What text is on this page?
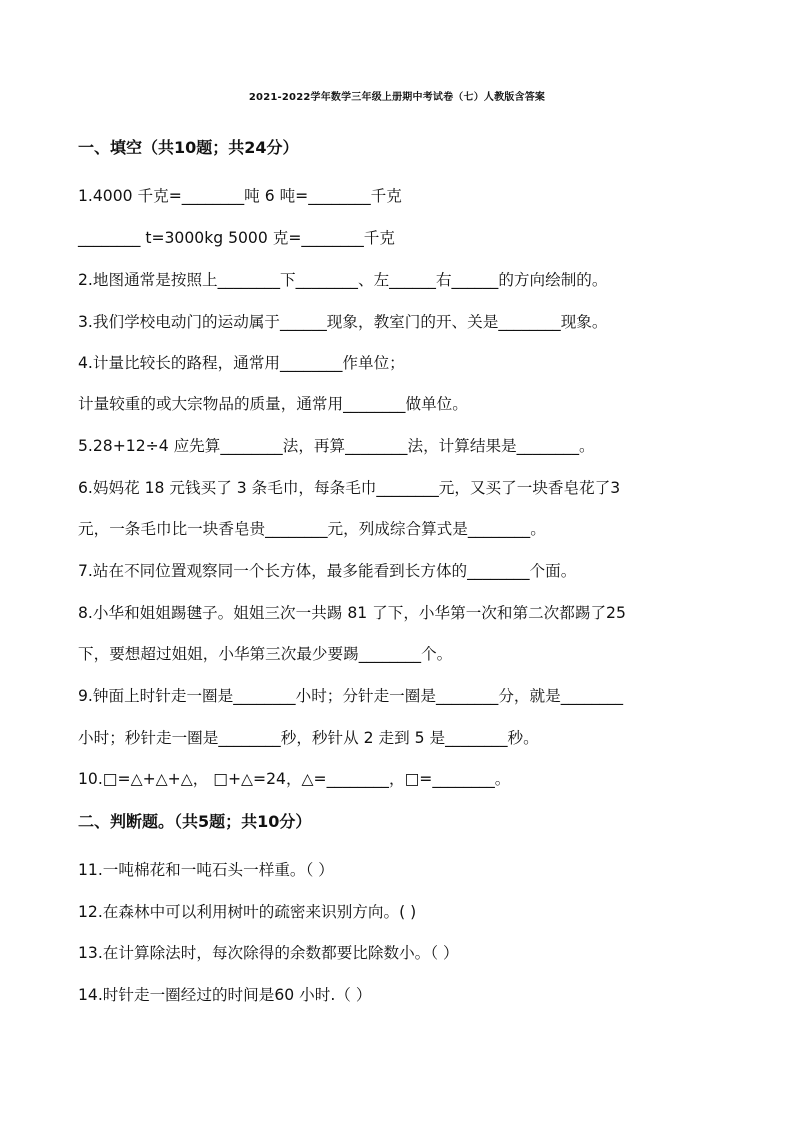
2021-2022学年数学三年级上册期中考试卷（七）人教版含答案
一、填空（共10题；共24分）
1.4000 千克=________吨 6 吨=________千克
________ t=3000kg 5000 克=________千克
2.地图通常是按照上________下________、左______右______的方向绘制的。
3.我们学校电动门的运动属于______现象，教室门的开、关是________现象。
4.计量比较长的路程，通常用________作单位；
计量较重的或大宗物品的质量，通常用________做单位。
5.28+12÷4 应先算________法，再算________法，计算结果是________。
6.妈妈花 18 元钱买了 3 条毛巾，每条毛巾________元，又买了一块香皂花了3
元，一条毛巾比一块香皂贵________元，列成综合算式是________。
7.站在不同位置观察同一个长方体，最多能看到长方体的________个面。
8.小华和姐姐踢毽子。姐姐三次一共踢 81 了下，小华第一次和第二次都踢了25
下，要想超过姐姐，小华第三次最少要踢________个。
9.钟面上时针走一圈是________小时；分针走一圈是________分，就是________
小时；秒针走一圈是________秒，秒针从 2 走到 5 是________秒。
10.□=△+△+△， □+△=24，△=________，□=________。
二、判断题。（共5题；共10分）
11.一吨棉花和一吨石头一样重。（ ）
12.在森林中可以利用树叶的疏密来识别方向。( )
13.在计算除法时，每次除得的余数都要比除数小。（ ）
14.时针走一圈经过的时间是60 小时.（ ）
